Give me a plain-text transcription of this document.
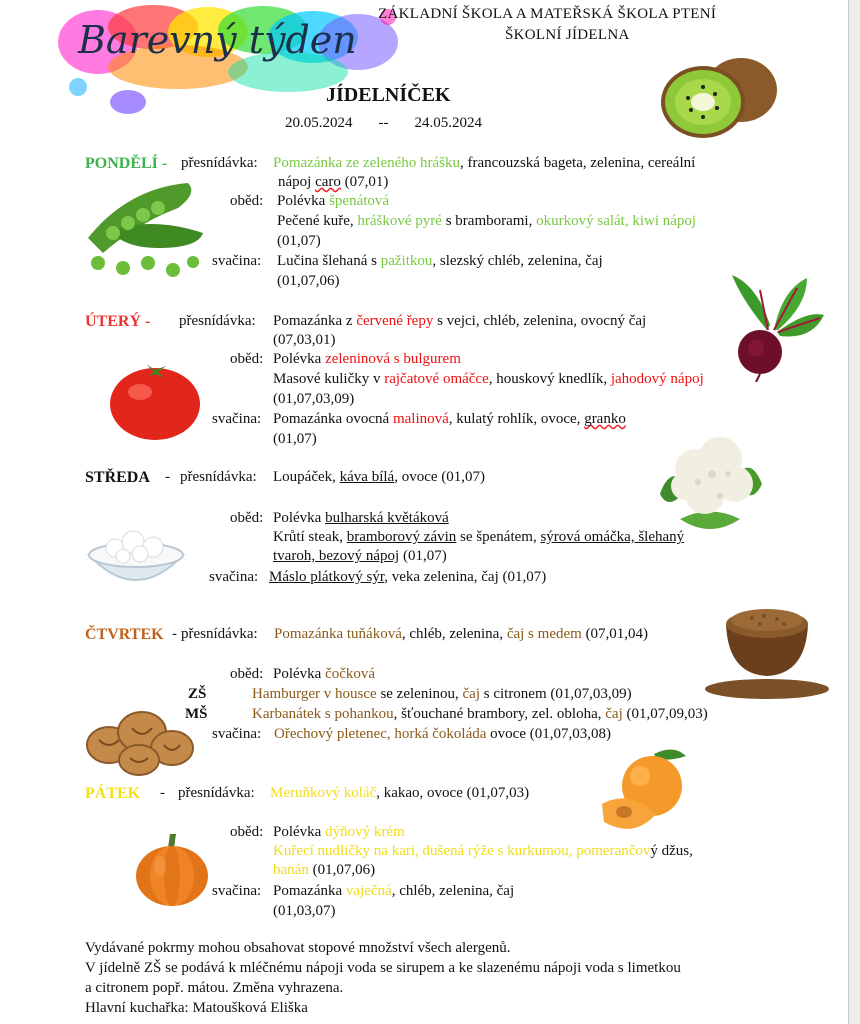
Barevný týden
ZÁKLADNÍ ŠKOLA A MATEŘSKÁ ŠKOLA PTENÍ
ŠKOLNÍ JÍDELNA
JÍDELNÍČEK
20.05.2024 -- 24.05.2024
PONDĚLÍ - přesnídávka: Pomazánka ze zeleného hrášku, francouzská bageta, zelenina, cereální
nápoj caro (07,01)
oběd: Polévka špenátová
Pečené kuře, hráškové pyré s bramborami, okurkový salát, kiwi nápoj
(01,07)
svačina: Lučina šlehaná s pažitkou, slezský chléb, zelenina, čaj
(01,07,06)
ÚTERÝ - přesnídávka: Pomazánka z červené řepy s vejci, chléb, zelenina, ovocný čaj
(07,03,01)
oběd: Polévka zeleninová s bulgurem
Masové kuličky v rajčatové omáčce, houskový knedlík, jahodový nápoj
(01,07,03,09)
svačina: Pomazánka ovocná malinová, kulatý rohlík, ovoce, granko
(01,07)
STŘEDA - přesnídávka: Loupáček, káva bílá, ovoce (01,07)
oběd: Polévka bulharská květáková
Krůtí steak, bramborový závin se špenátem, sýrová omáčka, šlehaný
tvaroh, bezový nápoj (01,07)
svačina: Máslo plátkový sýr, veka zelenina, čaj (01,07)
ČTVRTEK - přesnídávka: Pomazánka tuňáková, chléb, zelenina, čaj s medem (07,01,04)
oběd: Polévka čočková
ZŠ	Hamburger v housce se zeleninou, čaj s citronem (01,07,03,09)
MŠ	Karbanátek s pohankou, šťouchané brambory, zel. obloha, čaj (01,07,09,03)
svačina: Ořechový pletenec, horká čokoláda ovoce (01,07,03,08)
PÁTEK - přesnídávka: Meruňkový koláč, kakao, ovoce (01,07,03)
oběd: Polévka dýňový krém
Kuřecí nudličky na kari, dušená rýže s kurkumou, pomerančový džus,
banán (01,07,06)
svačina: Pomazánka vaječná, chléb, zelenina, čaj
(01,03,07)
Vydávané pokrmy mohou obsahovat stopové množství všech alergenů.
V jídelně ZŠ se podává k mléčnému nápoji voda se sirupem a ke slazenému nápoji voda s limetkou
a citronem popř. mátou. Změna vyhrazena.
Hlavní kuchařka: Matoušková Eliška
